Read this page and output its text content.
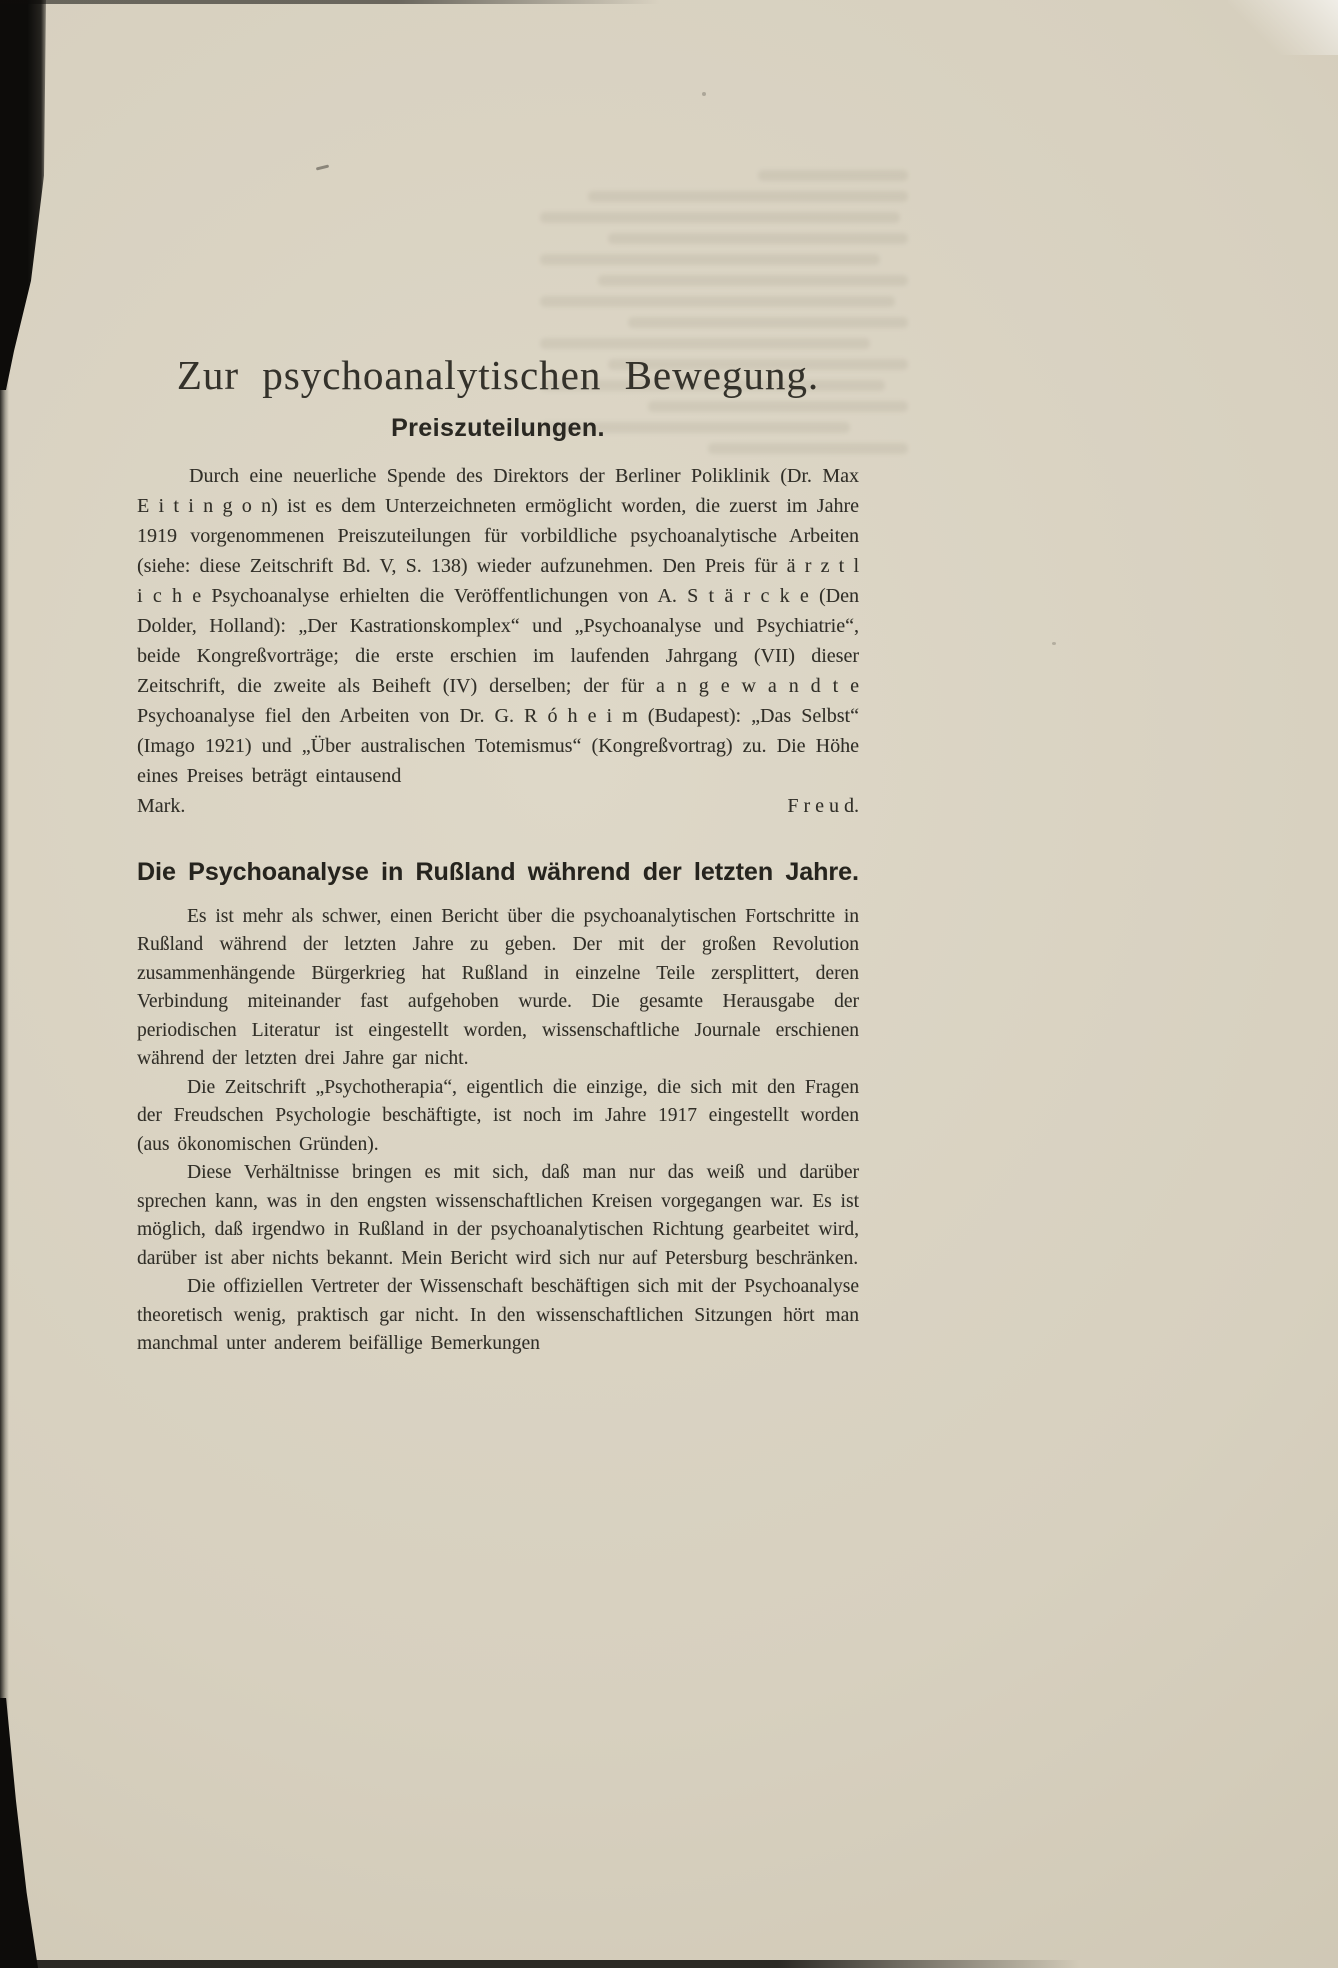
Zur psychoanalytischen Bewegung.
Preiszuteilungen.

Durch eine neuerliche Spende des Direktors der Berliner Poliklinik (Dr. Max E i t i n g o n) ist es dem Unterzeichneten ermöglicht worden, die zuerst im Jahre 1919 vorgenommenen Preiszuteilungen für vorbildliche psychoanalytische Arbeiten (siehe: diese Zeitschrift Bd. V, S. 138) wieder aufzunehmen. Den Preis für ä r z t l i c h e Psychoanalyse erhielten die Veröffentlichungen von A. S t ä r c k e (Den Dolder, Holland): „Der Kastrationskomplex“ und „Psychoanalyse und Psychiatrie“, beide Kongreßvorträge; die erste erschien im laufenden Jahrgang (VII) dieser Zeitschrift, die zweite als Beiheft (IV) derselben; der für a n g e w a n d t e Psychoanalyse fiel den Arbeiten von Dr. G. R ó h e i m (Budapest): „Das Selbst“ (Imago 1921) und „Über australischen Totemismus“ (Kongreßvortrag) zu. Die Höhe eines Preises beträgt eintausend

Mark.	F r e u d.
Die Psychoanalyse in Rußland während der letzten Jahre.

Es ist mehr als schwer, einen Bericht über die psychoanalytischen Fortschritte in Rußland während der letzten Jahre zu geben. Der mit der großen Revolution zusammenhängende Bürgerkrieg hat Rußland in einzelne Teile zersplittert, deren Verbindung miteinander fast aufgehoben wurde. Die gesamte Herausgabe der periodischen Literatur ist eingestellt worden, wissenschaftliche Journale erschienen während der letzten drei Jahre gar nicht.

Die Zeitschrift „Psychotherapia“, eigentlich die einzige, die sich mit den Fragen der Freudschen Psychologie beschäftigte, ist noch im Jahre 1917 eingestellt worden (aus ökonomischen Gründen).

Diese Verhältnisse bringen es mit sich, daß man nur das weiß und darüber sprechen kann, was in den engsten wissenschaftlichen Kreisen vorgegangen war. Es ist möglich, daß irgendwo in Rußland in der psychoanalytischen Richtung gearbeitet wird, darüber ist aber nichts bekannt. Mein Bericht wird sich nur auf Petersburg beschränken.

Die offiziellen Vertreter der Wissenschaft beschäftigen sich mit der Psychoanalyse theoretisch wenig, praktisch gar nicht. In den wissenschaftlichen Sitzungen hört man manchmal unter anderem beifällige Bemerkungen
